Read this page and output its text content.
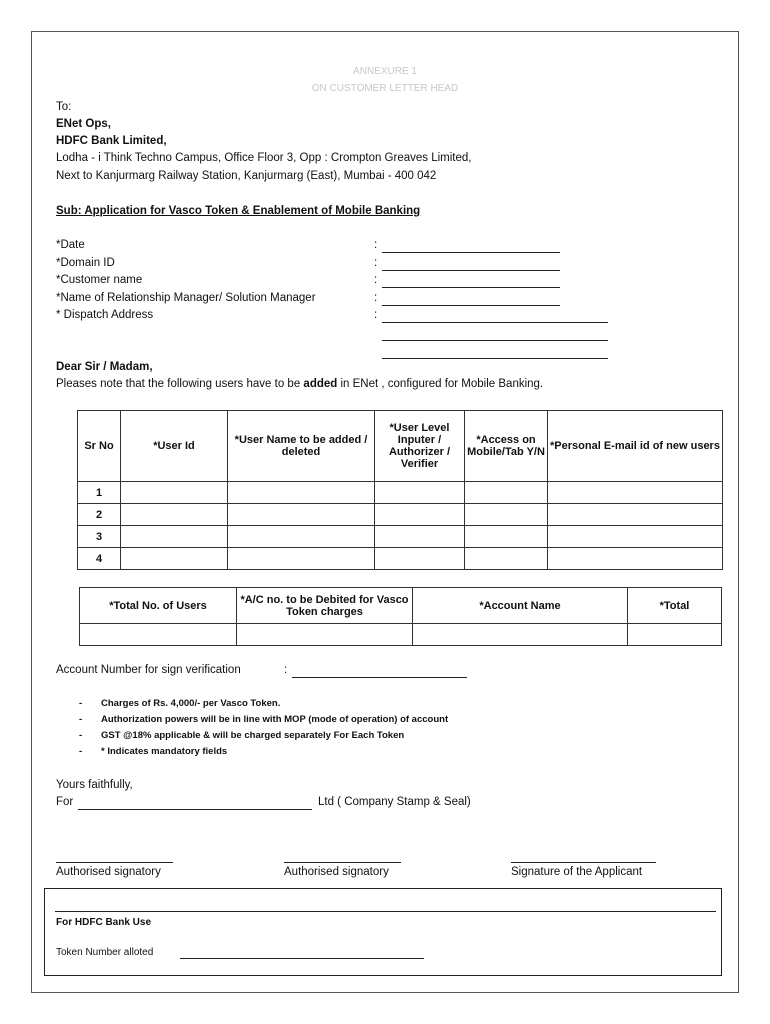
ANNEXURE 1
ON CUSTOMER LETTER HEAD
To:
ENet Ops,
HDFC Bank Limited,
Lodha - i Think Techno Campus, Office Floor 3, Opp : Crompton Greaves Limited,
Next to Kanjurmarg Railway Station, Kanjurmarg (East), Mumbai - 400 042
Sub: Application for Vasco Token & Enablement of Mobile Banking
*Date	:
*Domain ID	:
*Customer name	:
*Name of Relationship Manager/ Solution Manager	:
* Dispatch Address	:
Dear Sir / Madam,
Pleases note that the following users have to be added in ENet , configured for Mobile Banking.
Sr No	*User Id	*User Name to be added / deleted	*User Level Inputer / Authorizer / Verifier	*Access on Mobile/Tab Y/N	*Personal E-mail id of new users
1					
2					
3					
4					
*Total No. of Users	*A/C no. to be Debited for Vasco Token charges	*Account Name	*Total

Account Number for sign verification	:
- Charges of Rs. 4,000/- per Vasco Token.
- Authorization powers will be in line with MOP (mode of operation) of account
- GST @18% applicable & will be charged separately For Each Token
- * Indicates mandatory fields
Yours faithfully,
For	Ltd ( Company Stamp & Seal)
Authorised signatory	Authorised signatory	Signature of the Applicant
For HDFC Bank Use
Token Number alloted
